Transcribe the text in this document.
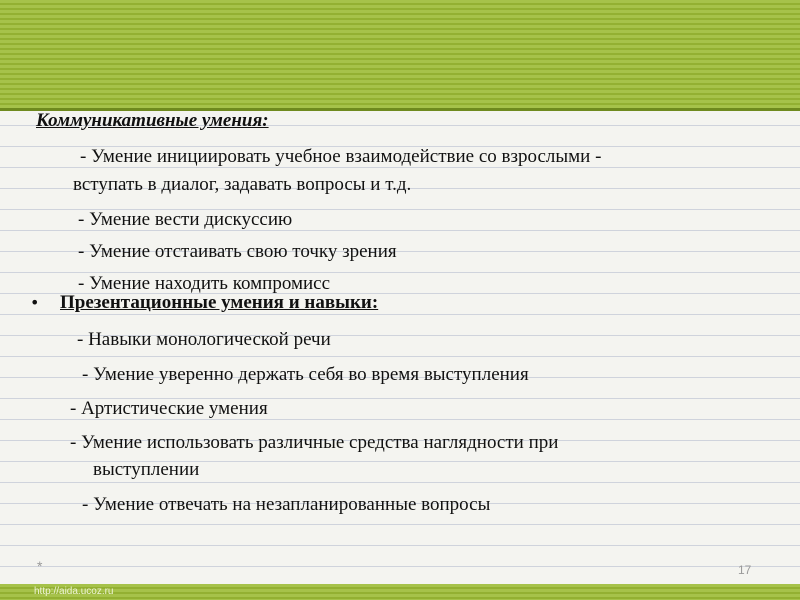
Коммуникативные умения:
- Умение инициировать учебное взаимодействие со взрослыми -
вступать в диалог, задавать вопросы и т.д.
- Умение вести дискуссию
- Умение отстаивать свою точку зрения
- Умение находить компромисс
• Презентационные умения и навыки:
- Навыки монологической речи
- Умение уверенно держать себя во время выступления
- Артистические умения
- Умение использовать различные средства наглядности при
выступлении
- Умение отвечать на незапланированные вопросы
*	17
http://aida.ucoz.ru
